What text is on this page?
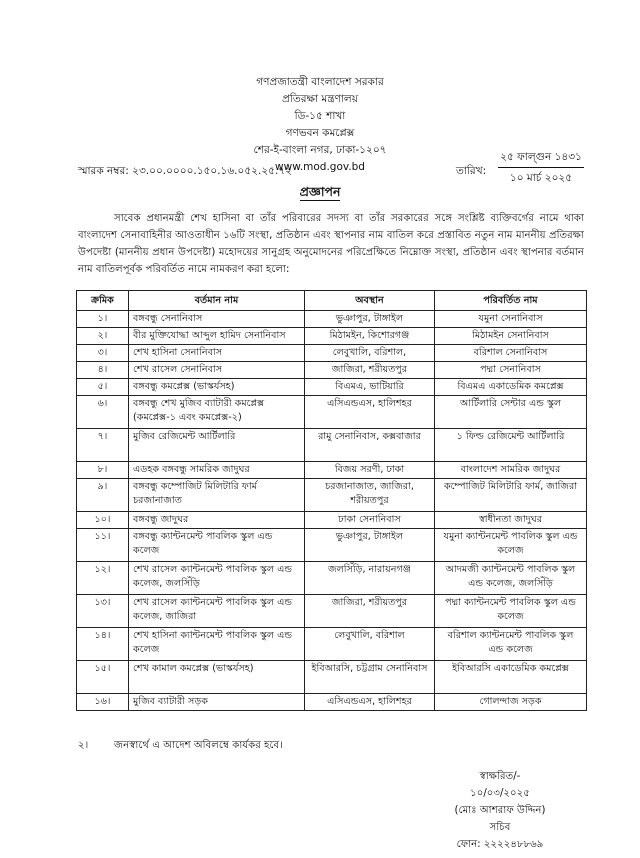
গণপ্রজাতন্ত্রী বাংলাদেশ সরকার
প্রতিরক্ষা মন্ত্রণালয়
ডি-১৫ শাখা
গণভবন কমপ্লেক্স
শের-ই-বাংলা নগর, ঢাকা-১২০৭
www.mod.gov.bd
স্মারক নম্বর: ২৩.০০.০০০০.১৫০.১৬.০৫২.২৫.৭২	তারিখ:
২৫ ফাল্গুন ১৪৩১
১০ মার্চ ২০২৫
প্রজ্ঞাপন
সাবেক প্রধানমন্ত্রী শেখ হাসিনা বা তাঁর পরিবারের সদস্য বা তাঁর সরকারের সঙ্গে সংশ্লিষ্ট ব্যক্তিবর্গের নামে থাকা বাংলাদেশ সেনাবাহিনীর আওতাধীন ১৬টি সংস্থা, প্রতিষ্ঠান এবং স্থাপনার নাম বাতিল করে প্রস্তাবিত নতুন নাম মাননীয় প্রতিরক্ষা উপদেষ্টা (মাননীয় প্রধান উপদেষ্টা) মহোদয়ের সানুগ্রহ অনুমোদনের পরিপ্রেক্ষিতে নিম্নোক্ত সংস্থা, প্রতিষ্ঠান এবং স্থাপনার বর্তমান নাম বাতিলপূর্বক পরিবর্তিত নামে নামকরণ করা হলো:
ক্রমিক	বর্তমান নাম	অবস্থান	পরিবর্তিত নাম
১।	বঙ্গবন্ধু সেনানিবাস	ভুঞাপুর, টাঙ্গাইল	যমুনা সেনানিবাস
২।	বীর মুক্তিযোদ্ধা আব্দুল হামিদ সেনানিবাস	মিঠামইন, কিশোরগঞ্জ	মিঠামইন সেনানিবাস
৩।	শেখ হাসিনা সেনানিবাস	লেবুখালি, বরিশাল,	বরিশাল সেনানিবাস
৪।	শেখ রাসেল সেনানিবাস	জাজিরা, শরীয়তপুর	পদ্মা সেনানিবাস
৫।	বঙ্গবন্ধু কমপ্লেক্স (ভাস্কর্যসহ)	বিএমএ, ভাটিয়ারি	বিএমএ একাডেমিক কমপ্লেক্স
৬।	বঙ্গবন্ধু শেখ মুজিব ব্যাটারী কমপ্লেক্স (কমপ্লেক্স-১ এবং কমপ্লেক্স-২)	এসিএন্ডএস, হালিশহর	আর্টিলারি সেন্টার এন্ড স্কুল
৭।	মুজিব রেজিমেন্ট আর্টিলারি	রামু সেনানিবাস, কক্সবাজার	১ ফিল্ড রেজিমেন্ট আর্টিলারি
৮।	এডহক বঙ্গবন্ধু সামরিক জাদুঘর	বিজয় সরণী, ঢাকা	বাংলাদেশ সামরিক জাদুঘর
৯।	বঙ্গবন্ধু কম্পোজিট মিলিটারি ফার্ম চরজানাজাত	চরজানাজাত, জাজিরা, শরীয়তপুর	কম্পোজিট মিলিটারি ফার্ম, জাজিরা
১০।	বঙ্গবন্ধু জাদুঘর	ঢাকা সেনানিবাস	স্বাধীনতা জাদুঘর
১১।	বঙ্গবন্ধু ক্যান্টনমেন্ট পাবলিক স্কুল এন্ড কলেজ	ভুঞাপুর, টাঙ্গাইল	যমুনা ক্যান্টনমেন্ট পাবলিক স্কুল এন্ড কলেজ
১২।	শেখ রাসেল ক্যান্টনমেন্ট পাবলিক স্কুল এন্ড কলেজ, জলসিঁড়ি	জলসিঁড়ি, নারায়নগঞ্জ	আদমজী ক্যান্টনমেন্ট পাবলিক স্কুল এন্ড কলেজ, জলসিঁড়ি
১৩।	শেখ রাসেল ক্যান্টনমেন্ট পাবলিক স্কুল এন্ড কলেজ, জাজিরা	জাজিরা, শরীয়তপুর	পদ্মা ক্যান্টনমেন্ট পাবলিক স্কুল এন্ড কলেজ
১৪।	শেখ হাসিনা ক্যান্টনমেন্ট পাবলিক স্কুল এন্ড কলেজ	লেবুখালি, বরিশাল	বরিশাল ক্যান্টনমেন্ট পাবলিক স্কুল এন্ড কলেজ
১৫।	শেখ কামাল কমপ্লেক্স (ভাস্কর্যসহ)	ইবিআরসি, চট্টগ্রাম সেনানিবাস	ইবিআরসি একাডেমিক কমপ্লেক্স
১৬।	মুজিব ব্যাটারী সড়ক	এসিএন্ডএস, হালিশহর	গোলন্দাজ সড়ক
২।	জনস্বার্থে এ আদেশ অবিলম্বে কার্যকর হবে।
স্বাক্ষরিত/-
১০/০৩/২০২৫
(মোঃ আশরাফ উদ্দিন)
সচিব
ফোন: ২২২২৪৮৮৬৯
